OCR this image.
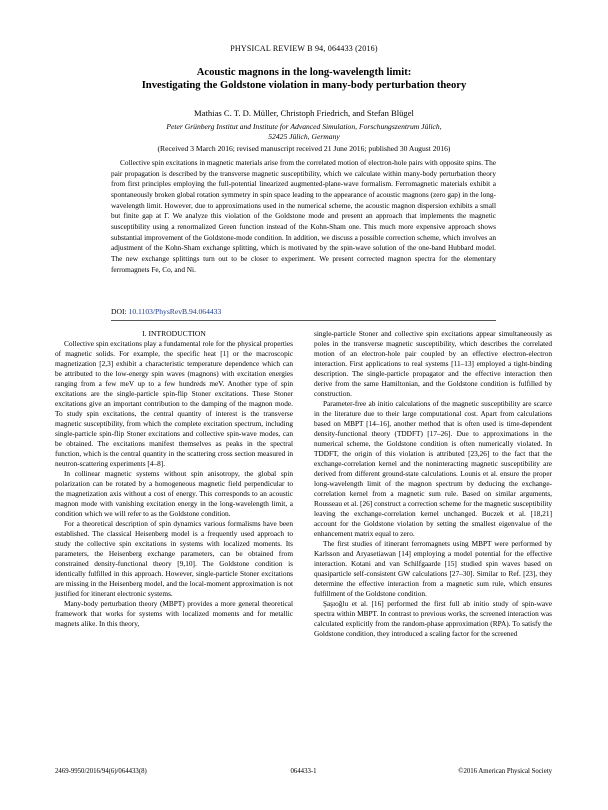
PHYSICAL REVIEW B 94, 064433 (2016)
Acoustic magnons in the long-wavelength limit:
Investigating the Goldstone violation in many-body perturbation theory
Mathias C. T. D. Müller, Christoph Friedrich, and Stefan Blügel
Peter Grünberg Institut and Institute for Advanced Simulation, Forschungszentrum Jülich,
52425 Jülich, Germany
(Received 3 March 2016; revised manuscript received 21 June 2016; published 30 August 2016)

Collective spin excitations in magnetic materials arise from the correlated motion of electron-hole pairs with opposite spins. The pair propagation is described by the transverse magnetic susceptibility, which we calculate within many-body perturbation theory from first principles employing the full-potential linearized augmented-plane-wave formalism. Ferromagnetic materials exhibit a spontaneously broken global rotation symmetry in spin space leading to the appearance of acoustic magnons (zero gap) in the long-wavelength limit. However, due to approximations used in the numerical scheme, the acoustic magnon dispersion exhibits a small but finite gap at Γ. We analyze this violation of the Goldstone mode and present an approach that implements the magnetic susceptibility using a renormalized Green function instead of the Kohn-Sham one. This much more expensive approach shows substantial improvement of the Goldstone-mode condition. In addition, we discuss a possible correction scheme, which involves an adjustment of the Kohn-Sham exchange splitting, which is motivated by the spin-wave solution of the one-band Hubbard model. The new exchange splittings turn out to be closer to experiment. We present corrected magnon spectra for the elementary ferromagnets Fe, Co, and Ni.

DOI: 10.1103/PhysRevB.94.064433

I. INTRODUCTION

Collective spin excitations play a fundamental role for the physical properties of magnetic solids. For example, the specific heat [1] or the macroscopic magnetization [2,3] exhibit a characteristic temperature dependence which can be attributed to the low-energy spin waves (magnons) with excitation energies ranging from a few meV up to a few hundreds meV. Another type of spin excitations are the single-particle spin-flip Stoner excitations. These Stoner excitations give an important contribution to the damping of the magnon mode. To study spin excitations, the central quantity of interest is the transverse magnetic susceptibility, from which the complete excitation spectrum, including single-particle spin-flip Stoner excitations and collective spin-wave modes, can be obtained. The excitations manifest themselves as peaks in the spectral function, which is the central quantity in the scattering cross section measured in neutron-scattering experiments [4–8].

In collinear magnetic systems without spin anisotropy, the global spin polarization can be rotated by a homogeneous magnetic field perpendicular to the magnetization axis without a cost of energy. This corresponds to an acoustic magnon mode with vanishing excitation energy in the long-wavelength limit, a condition which we will refer to as the Goldstone condition.

For a theoretical description of spin dynamics various formalisms have been established. The classical Heisenberg model is a frequently used approach to study the collective spin excitations in systems with localized moments. Its parameters, the Heisenberg exchange parameters, can be obtained from constrained density-functional theory [9,10]. The Goldstone condition is identically fulfilled in this approach. However, single-particle Stoner excitations are missing in the Heisenberg model, and the local-moment approximation is not justified for itinerant electronic systems.

Many-body perturbation theory (MBPT) provides a more general theoretical framework that works for systems with localized moments and for metallic magnets alike. In this theory,

single-particle Stoner and collective spin excitations appear simultaneously as poles in the transverse magnetic susceptibility, which describes the correlated motion of an electron-hole pair coupled by an effective electron-electron interaction. First applications to real systems [11–13] employed a tight-binding description. The single-particle propagator and the effective interaction then derive from the same Hamiltonian, and the Goldstone condition is fulfilled by construction.

Parameter-free ab initio calculations of the magnetic susceptibility are scarce in the literature due to their large computational cost. Apart from calculations based on MBPT [14–16], another method that is often used is time-dependent density-functional theory (TDDFT) [17–26]. Due to approximations in the numerical scheme, the Goldstone condition is often numerically violated. In TDDFT, the origin of this violation is attributed [23,26] to the fact that the exchange-correlation kernel and the noninteracting magnetic susceptibility are derived from different ground-state calculations. Lounis et al. ensure the proper long-wavelength limit of the magnon spectrum by deducing the exchange-correlation kernel from a magnetic sum rule. Based on similar arguments, Rousseau et al. [26] construct a correction scheme for the magnetic susceptibility leaving the exchange-correlation kernel unchanged. Buczek et al. [18,21] account for the Goldstone violation by setting the smallest eigenvalue of the enhancement matrix equal to zero.

The first studies of itinerant ferromagnets using MBPT were performed by Karlsson and Aryasetiawan [14] employing a model potential for the effective interaction. Kotani and van Schilfgaarde [15] studied spin waves based on quasiparticle self-consistent GW calculations [27–30]. Similar to Ref. [23], they determine the effective interaction from a magnetic sum rule, which ensures fulfillment of the Goldstone condition.

Şaşıoğlu et al. [16] performed the first full ab initio study of spin-wave spectra within MBPT. In contrast to previous works, the screened interaction was calculated explicitly from the random-phase approximation (RPA). To satisfy the Goldstone condition, they introduced a scaling factor for the screened

2469-9950/2016/94(6)/064433(8)	064433-1	©2016 American Physical Society
